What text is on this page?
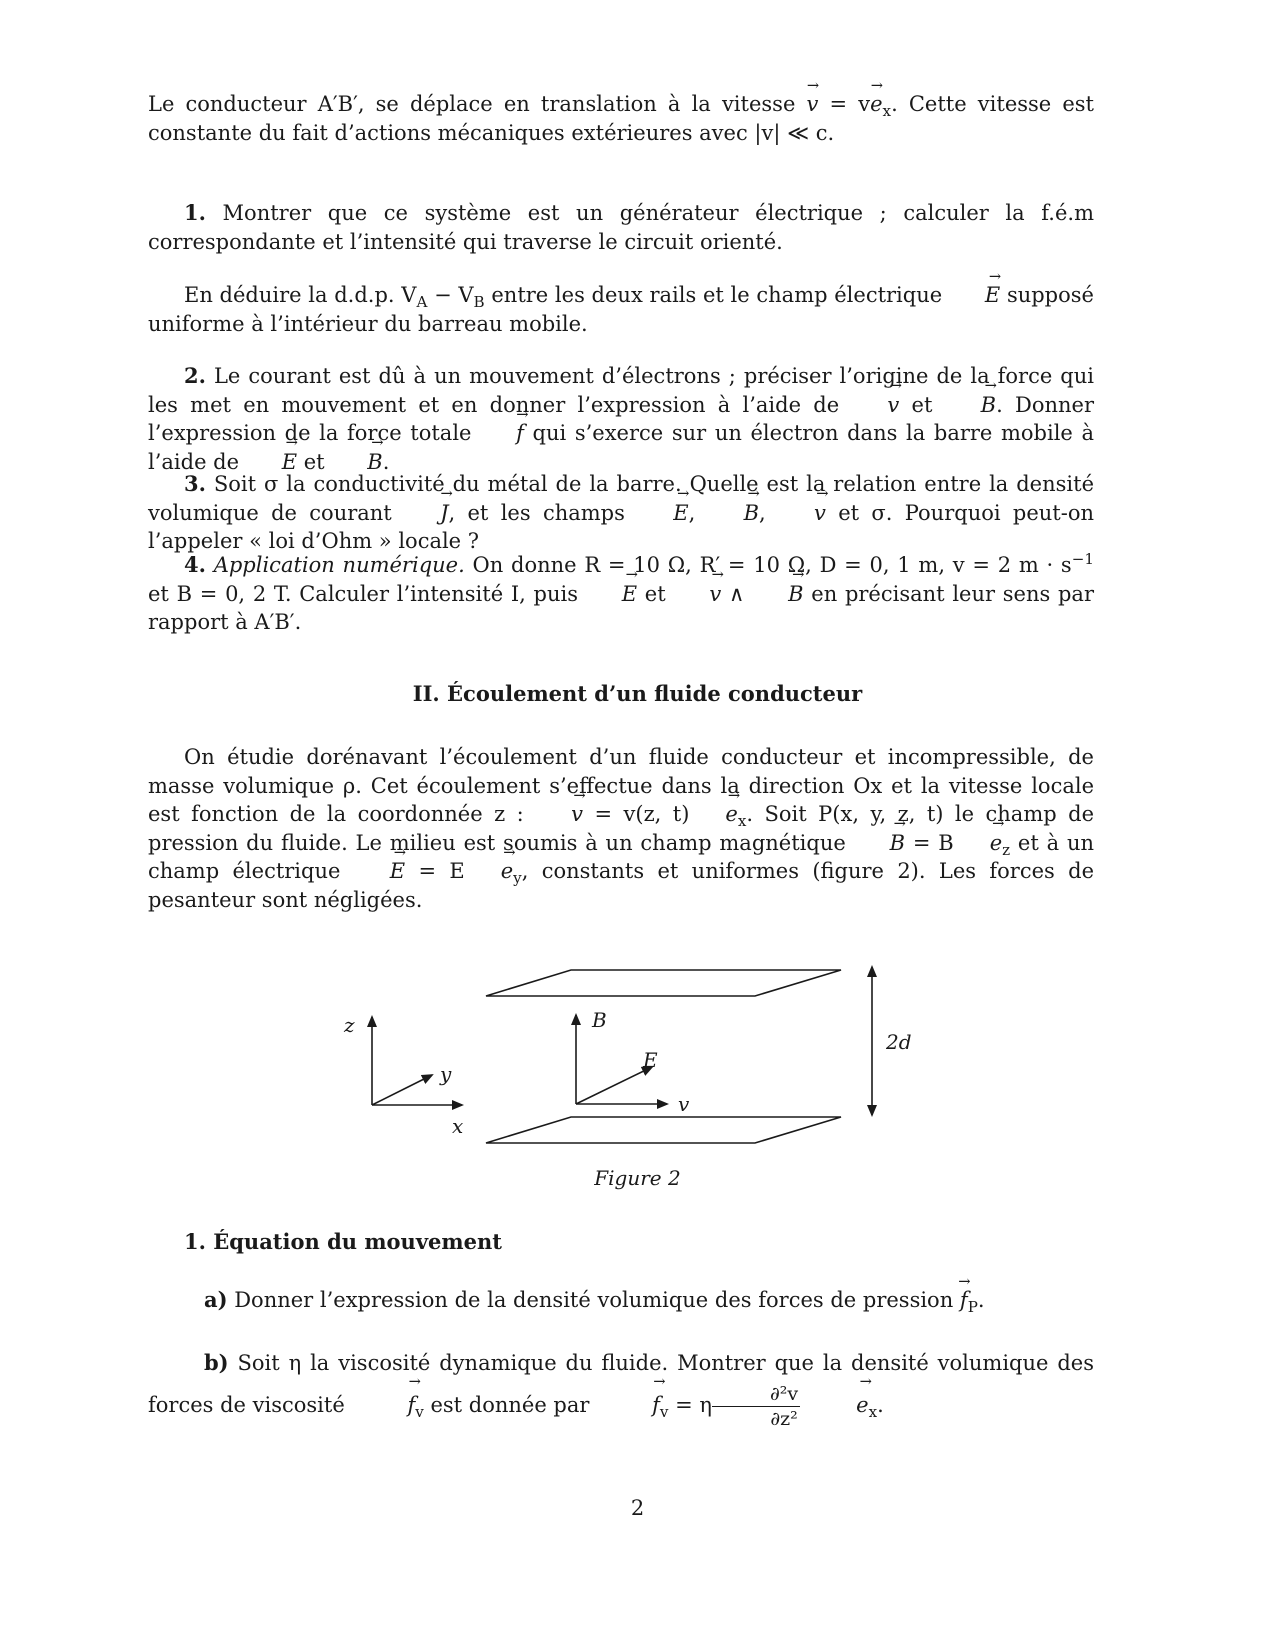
Le conducteur A′B′, se déplace en translation à la vitesse → $v = v\to e_x$. Cette vitesse est constante du fait d’actions mécaniques extérieures avec |v| ≪ c.

1. Montrer que ce système est un générateur électrique ; calculer la f.é.m correspondante et l’intensité qui traverse le circuit orienté.

En déduire la d.d.p. $V_A - V_B$ entre les deux rails et le champ électrique → E supposé uniforme à l’intérieur du barreau mobile.

2. Le courant est dû à un mouvement d’électrons ; préciser l’origine de la force qui les met en mouvement et en donner l’expression à l’aide de → v et → B. Donner l’expression de la force totale → f qui s’exerce sur un électron dans la barre mobile à l’aide de → E et → B.

3. Soit σ la conductivité du métal de la barre. Quelle est la relation entre la densité volumique de courant → J, et les champs → E, → B, → v et σ. Pourquoi peut-on l’appeler « loi d’Ohm » locale ?

4. Application numérique. On donne R = 10 Ω, R′ = 10 Ω, D = 0, 1 m, v = 2 $m \cdot s^{-1}$ et B = 0, 2 T. Calculer l’intensité I, puis → E et → v ∧ → B en précisant leur sens par rapport à A′B′.

II. Écoulement d’un fluide conducteur

On étudie dorénavant l’écoulement d’un fluide conducteur et incompressible, de masse volumique ρ. Cet écoulement s’effectue dans la direction Ox et la vitesse locale est fonction de la coordonnée z : → v = v(z, $t) \to e_x$. Soit P(x, y, z, t) le champ de pression du fluide. Le milieu est soumis à un champ magnétique → $B = B \to e_z$ et à un champ électrique → $E = E \to e_y$, constants et uniformes (figure 2). Les forces de pesanteur sont négligées.

z
y
x
B
E
v
2d
Figure 2
1. Équation du mouvement

a) Donner l’expression de la densité volumique des forces de pression → $f_P$.

b) Soit η la viscosité dynamique du fluide. Montrer que la densité volumique des forces de viscosité	→ $f_v$ est donnée par	→ $f_v = \eta \frac{\text{∂²v}}{\text{∂z²}}$	→ $e_x$.

2
